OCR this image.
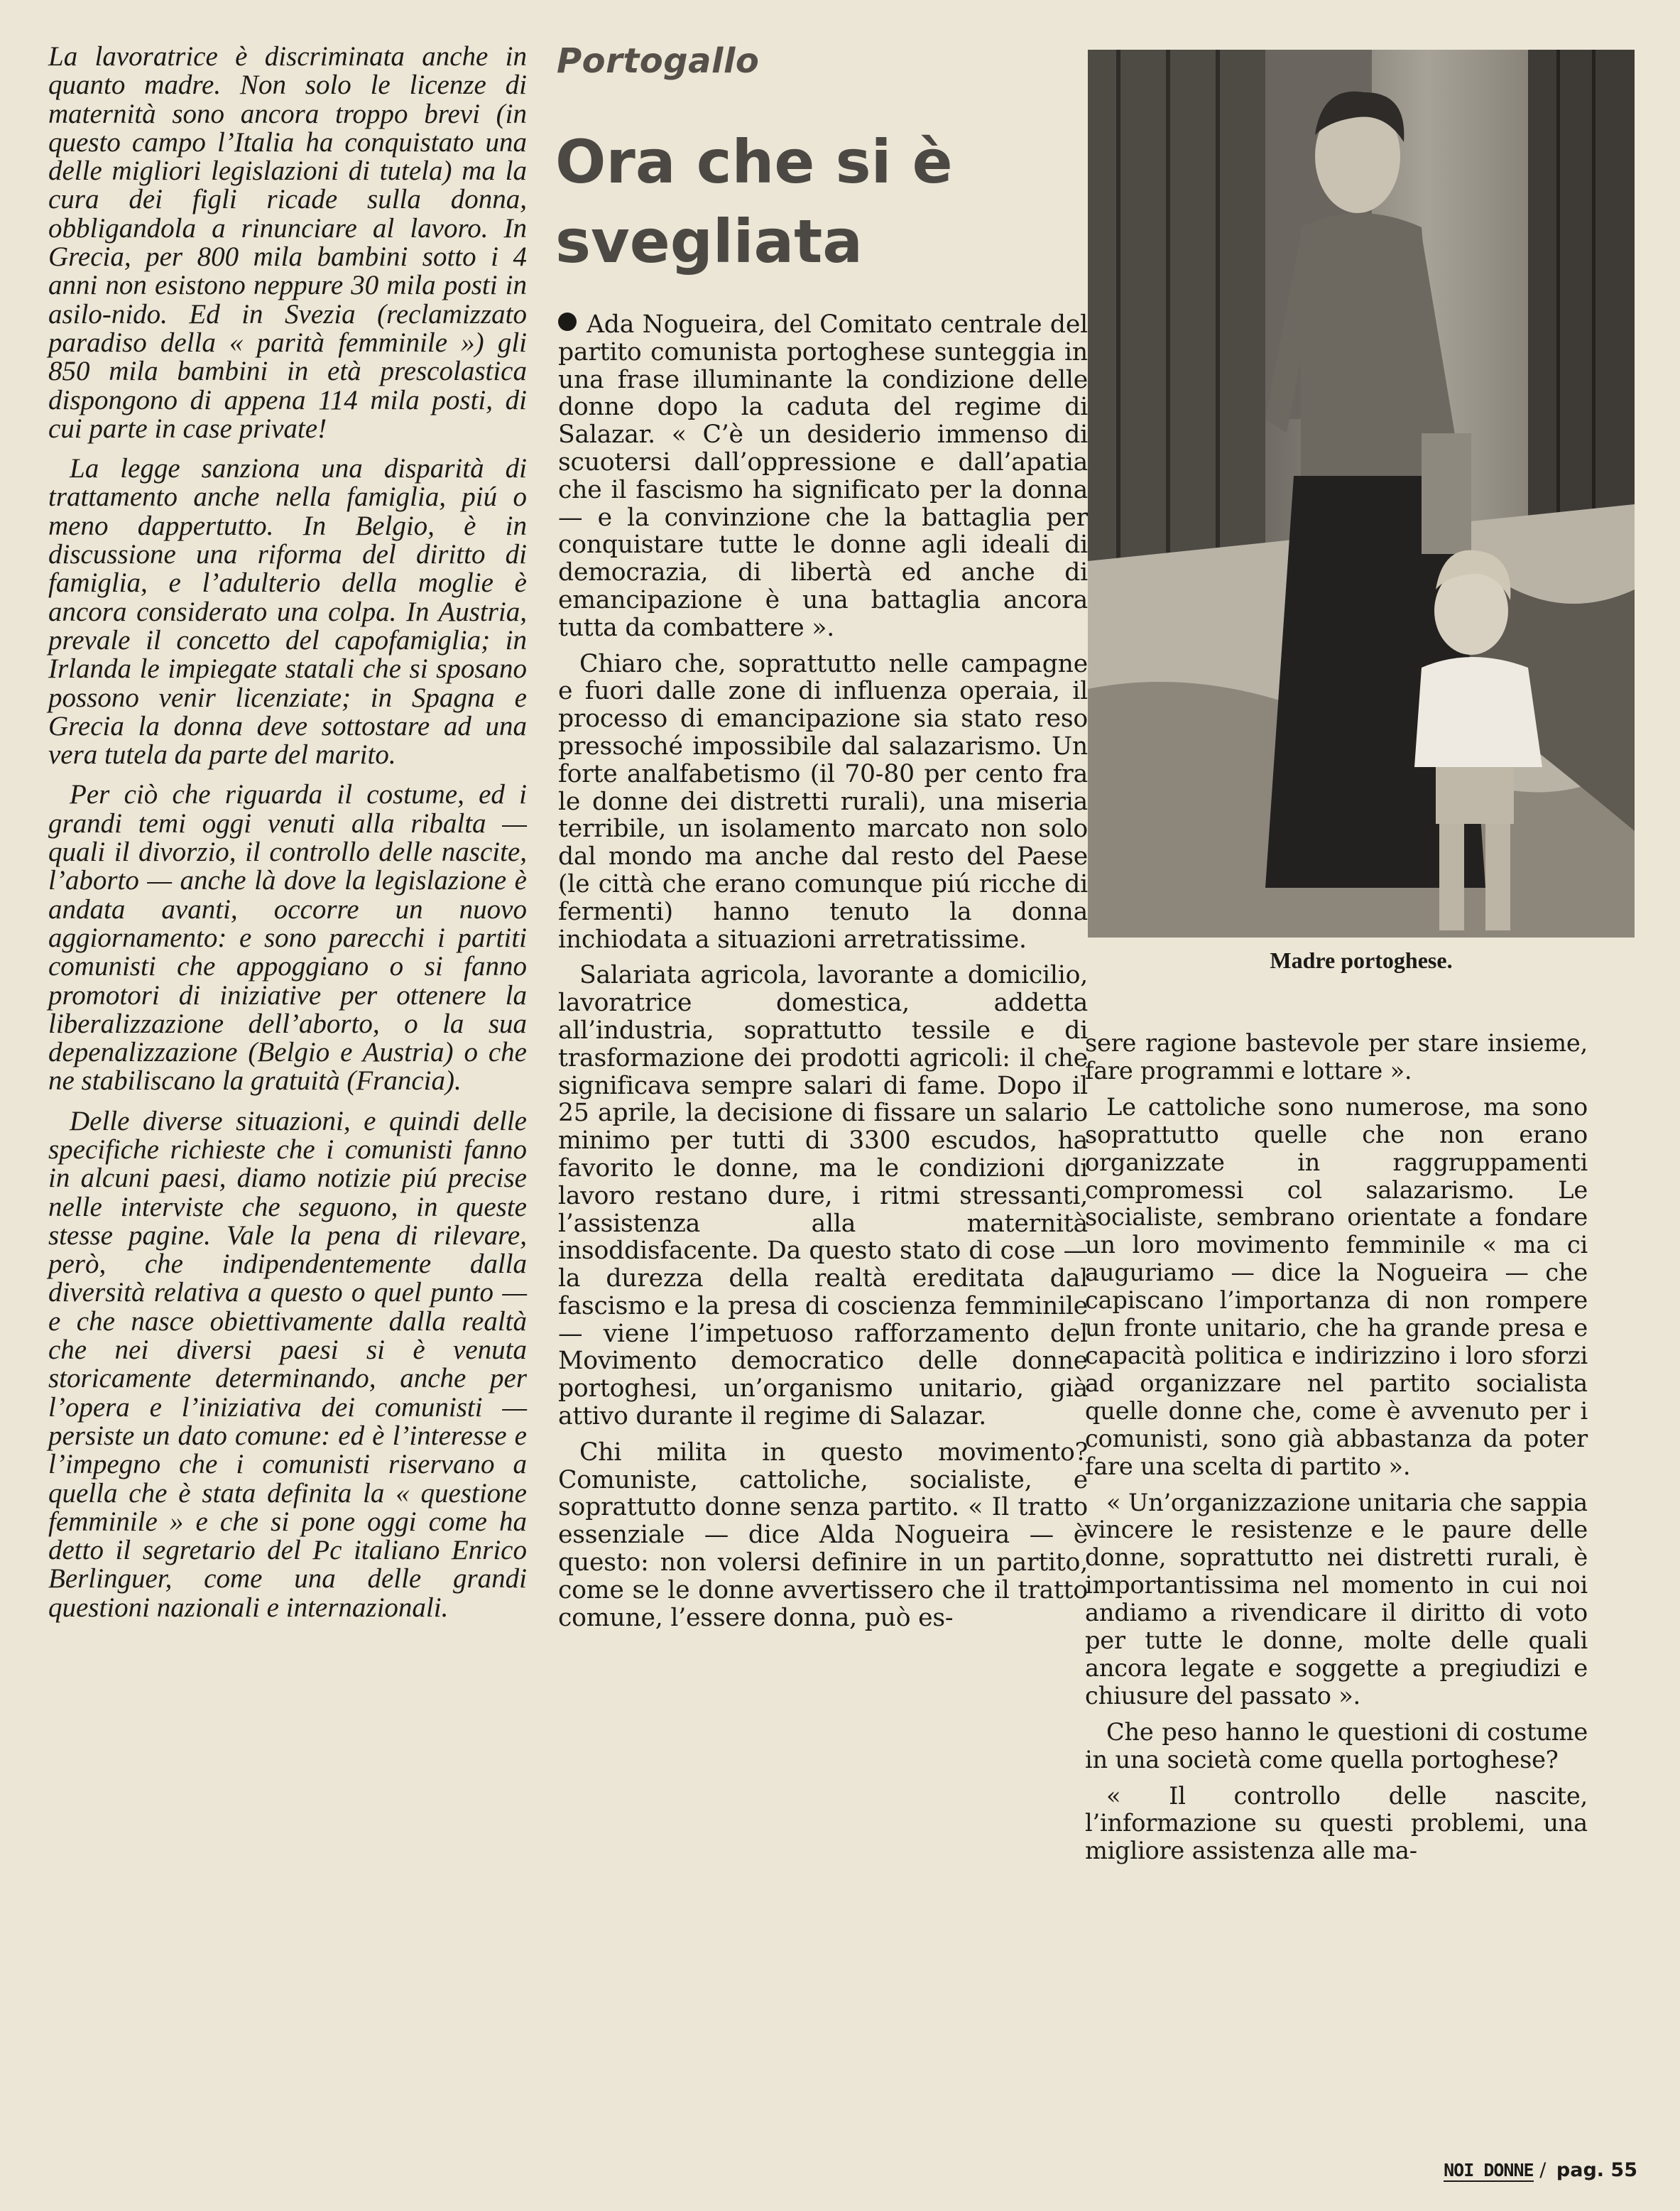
La lavoratrice è discriminata anche in quanto madre. Non solo le licenze di maternità sono ancora troppo brevi (in questo campo l’Italia ha conquistato una delle migliori legislazioni di tutela) ma la cura dei figli ricade sulla donna, obbligandola a rinunciare al lavoro. In Grecia, per 800 mila bambini sotto i 4 anni non esistono neppure 30 mila posti in asilo-nido. Ed in Svezia (reclamizzato paradiso della « parità femminile ») gli 850 mila bambini in età prescolastica dispongono di appena 114 mila posti, di cui parte in case private!

La legge sanziona una disparità di trattamento anche nella famiglia, piú o meno dappertutto. In Belgio, è in discussione una riforma del diritto di famiglia, e l’adulterio della moglie è ancora considerato una colpa. In Austria, prevale il concetto del capofamiglia; in Irlanda le impiegate statali che si sposano possono venir licenziate; in Spagna e Grecia la donna deve sottostare ad una vera tutela da parte del marito.

Per ciò che riguarda il costume, ed i grandi temi oggi venuti alla ribalta — quali il divorzio, il controllo delle nascite, l’aborto — anche là dove la legislazione è andata avanti, occorre un nuovo aggiornamento: e sono parecchi i partiti comunisti che appoggiano o si fanno promotori di iniziative per ottenere la liberalizzazione dell’aborto, o la sua depenalizzazione (Belgio e Austria) o che ne stabiliscano la gratuità (Francia).

Delle diverse situazioni, e quindi delle specifiche richieste che i comunisti fanno in alcuni paesi, diamo notizie piú precise nelle interviste che seguono, in queste stesse pagine. Vale la pena di rilevare, però, che indipendentemente dalla diversità relativa a questo o quel punto — e che nasce obiettivamente dalla realtà che nei diversi paesi si è venuta storicamente determinando, anche per l’opera e l’iniziativa dei comunisti — persiste un dato comune: ed è l’interesse e l’impegno che i comunisti riservano a quella che è stata definita la « questione femminile » e che si pone oggi come ha detto il segretario del Pc italiano Enrico Berlinguer, come una delle grandi questioni nazionali e internazionali.

Portogallo
Ora che si è svegliata

Ada Nogueira, del Comitato centrale del partito comunista portoghese sunteggia in una frase illuminante la condizione delle donne dopo la caduta del regime di Salazar. « C’è un desiderio immenso di scuotersi dall’oppressione e dall’apatia che il fascismo ha significato per la donna— e la convinzione che la battaglia per conquistare tutte le donne agli ideali di democrazia, di libertà ed anche di emancipazione è una battaglia ancora tutta da combattere ».

Chiaro che, soprattutto nelle campagne e fuori dalle zone di influenza operaia, il processo di emancipazione sia stato reso pressoché impossibile dal salazarismo. Un forte analfabetismo (il 70-80 per cento fra le donne dei distretti rurali), una miseria terribile, un isolamento marcato non solo dal mondo ma anche dal resto del Paese (le città che erano comunque piú ricche di fermenti) hanno tenuto la donna inchiodata a situazioni arretratissime.

Salariata agricola, lavorante a domicilio, lavoratrice domestica, addetta all’industria, soprattutto tessile e di trasformazione dei prodotti agricoli: il che significava sempre salari di fame. Dopo il 25 aprile, la decisione di fissare un salario minimo per tutti di 3300 escudos, ha favorito le donne, ma le condizioni di lavoro restano dure, i ritmi stressanti, l’assistenza alla maternità insoddisfacente. Da questo stato di cose — la durezza della realtà ereditata dal fascismo e la presa di coscienza femminile — viene l’impetuoso rafforzamento del Movimento democratico delle donne portoghesi, un’organismo unitario, già attivo durante il regime di Salazar.

Chi milita in questo movimento? Comuniste, cattoliche, socialiste, e soprattutto donne senza partito. « Il tratto essenziale — dice Alda Nogueira — è questo: non volersi definire in un partito, come se le donne avvertissero che il tratto comune, l’essere donna, può es-

Madre portoghese.

sere ragione bastevole per stare insieme, fare programmi e lottare ».

Le cattoliche sono numerose, ma sono soprattutto quelle che non erano organizzate in raggruppamenti compromessi col salazarismo. Le socialiste, sembrano orientate a fondare un loro movimento femminile « ma ci auguriamo — dice la Nogueira — che capiscano l’importanza di non rompere un fronte unitario, che ha grande presa e capacità politica e indirizzino i loro sforzi ad organizzare nel partito socialista quelle donne che, come è avvenuto per i comunisti, sono già abbastanza da poter fare una scelta di partito ».

« Un’organizzazione unitaria che sappia vincere le resistenze e le paure delle donne, soprattutto nei distretti rurali, è importantissima nel momento in cui noi andiamo a rivendicare il diritto di voto per tutte le donne, molte delle quali ancora legate e soggette a pregiudizi e chiusure del passato ».

Che peso hanno le questioni di costume in una società come quella portoghese?

« Il controllo delle nascite, l’informazione su questi problemi, una migliore assistenza alle ma-

NOI DONNE / pag. 55
